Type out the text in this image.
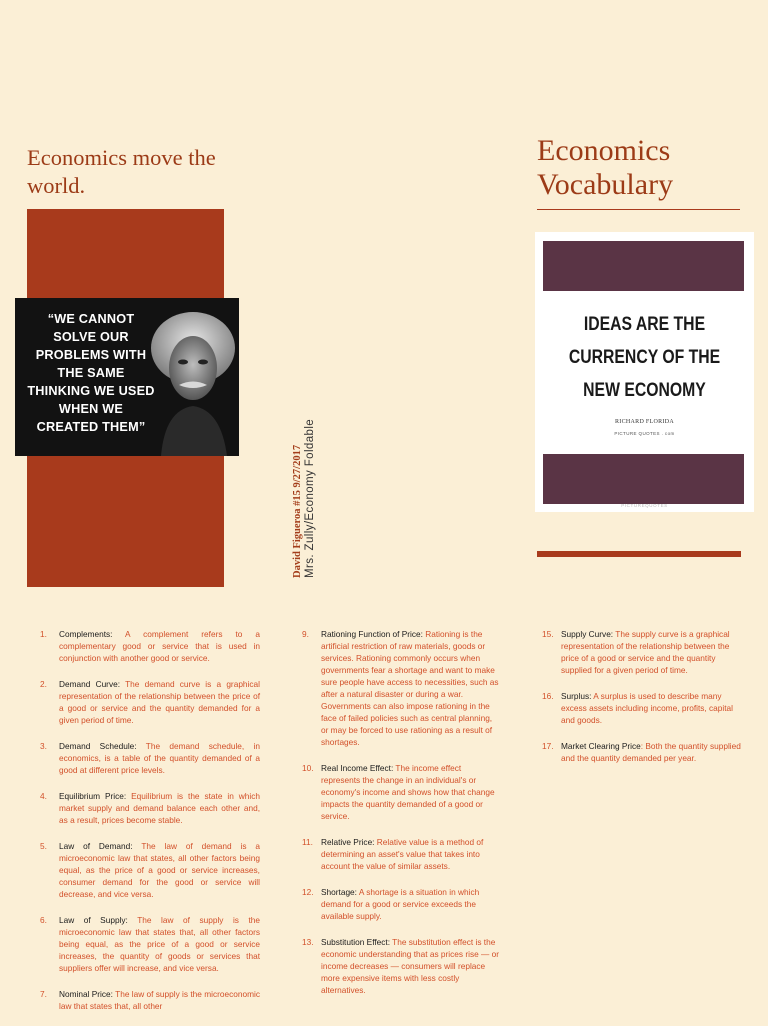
Economics move the world.
“WE CANNOT SOLVE OUR PROBLEMS WITH THE SAME THINKING WE USED WHEN WE CREATED THEM”
David Figueroa #15 9/27/2017 Mrs. Zully/Economy Foldable
Economics Vocabulary
IDEAS ARE THE
CURRENCY OF THE
NEW ECONOMY
RICHARD FLORIDA
PICTURE QUOTES . com
PICTUREQUOTES
1. Complements: A complement refers to a complementary good or service that is used in conjunction with another good or service.
2. Demand Curve: The demand curve is a graphical representation of the relationship between the price of a good or service and the quantity demanded for a given period of time.
3. Demand Schedule: The demand schedule, in economics, is a table of the quantity demanded of a good at different price levels.
4. Equilibrium Price: Equilibrium is the state in which market supply and demand balance each other and, as a result, prices become stable.
5. Law of Demand: The law of demand is a microeconomic law that states, all other factors being equal, as the price of a good or service increases, consumer demand for the good or service will decrease, and vice versa.
6. Law of Supply: The law of supply is the microeconomic law that states that, all other factors being equal, as the price of a good or service increases, the quantity of goods or services that suppliers offer will increase, and vice versa.
7. Nominal Price: The law of supply is the microeconomic law that states that, all other
9. Rationing Function of Price: Rationing is the artificial restriction of raw materials, goods or services. Rationing commonly occurs when governments fear a shortage and want to make sure people have access to necessities, such as after a natural disaster or during a war. Governments can also impose rationing in the face of failed policies such as central planning, or may be forced to use rationing as a result of shortages.
10. Real Income Effect: The income effect represents the change in an individual's or economy's income and shows how that change impacts the quantity demanded of a good or service.
11. Relative Price: Relative value is a method of determining an asset's value that takes into account the value of similar assets.
12. Shortage: A shortage is a situation in which demand for a good or service exceeds the available supply.
13. Substitution Effect: The substitution effect is the economic understanding that as prices rise — or income decreases — consumers will replace more expensive items with less costly alternatives.
15. Supply Curve: The supply curve is a graphical representation of the relationship between the price of a good or service and the quantity supplied for a given period of time.
16. Surplus: A surplus is used to describe many excess assets including income, profits, capital and goods.
17. Market Clearing Price: Both the quantity supplied and the quantity demanded per year.
